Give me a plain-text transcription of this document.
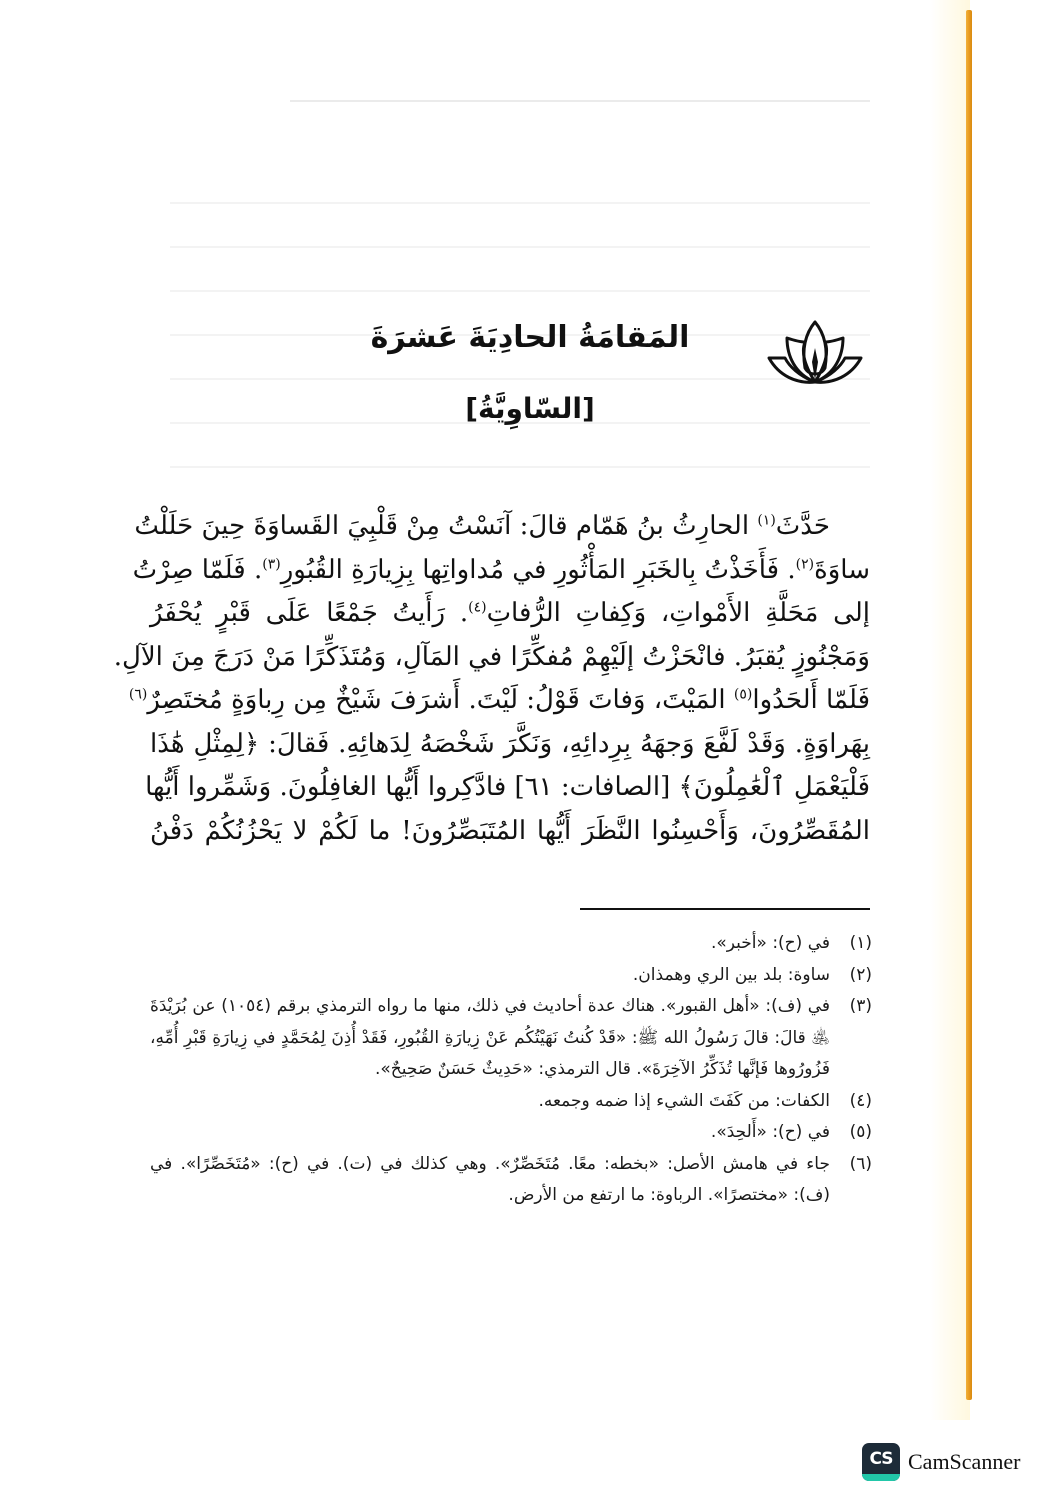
المَقامَةُ الحادِيَةَ عَشرَةَ
[السّاوِيَّةُ]
حَدَّثَ$^{(١)}$ الحارِثُ بنُ هَمّام قالَ: آنَسْتُ مِنْ قَلْبِيَ القَساوَةَ حِينَ حَلَلْتُ
ساوَةَ$^{(٢)}$. فَأَخَذْتُ بِالخَبَرِ المَأْثُورِ في مُداواتِها بِزِيارَةِ القُبُورِ$^{(٣)}$. فَلَمّا صِرْتُ
إلى مَحَلَّةِ الأَمْواتِ، وَكِفاتِ الرُّفاتِ$^{(٤)}$. رَأَيتُ جَمْعًا عَلَى قَبْرٍ يُحْفَرُ
وَمَجْنُوزٍ يُقبَرُ. فانْحَزْتُ إلَيْهِمْ مُفكِّرًا في المَآلِ، وَمُتَذَكِّرًا مَنْ دَرَجَ مِنَ الآلِ.
فَلَمّا أَلحَدُوا$^{(٥)}$ المَيْتَ، وَفاتَ قَوْلُ: لَيْتَ. أَشرَفَ شَيْخٌ مِن رِباوَةٍ مُختَصِرٌ$^{(٦)}$
بِهَراوَةٍ. وَقَدْ لَفَّعَ وَجهَهُ بِرِدائِهِ، وَنَكَّرَ شَخْصَهُ لِدَهائِهِ. فَقالَ: ﴿لِمِثْلِ هَٰذَا
فَلْيَعْمَلِ ٱلْعَٰمِلُونَ﴾ [الصافات: ٦١] فادَّكِروا أَيُّها الغافِلُونَ. وَشَمِّروا أَيُّها
المُقَصِّرُونَ، وَأَحْسِنُوا النَّظَرَ أَيُّها المُتَبَصِّرُونَ! ما لَكُمْ لا يَحْزُنُكُمْ دَفْنُ
(١)
في (ح): «أخبر».
(٢)
ساوة: بلد بين الري وهمذان.
(٣)
في (ف): «أهل القبور». هناك عدة أحاديث في ذلك، منها ما رواه الترمذي برقم (١٠٥٤) عن بُرَيْدَةَ ﵁ قالَ: قالَ رَسُولُ الله ﷺ: «قَدْ كُنتُ نَهَيْتُكُم عَنْ زِيارَةِ القُبُورِ، فَقَدْ أُذِنَ لِمُحَمَّدٍ في زِيارَةِ قَبْرِ أُمِّهِ، فَزُورُوها فَإنَّها تُذَكِّرُ الآخِرَةَ». قال الترمذي: «حَدِيثٌ حَسَنٌ صَحِيحٌ».
(٤)
الكفات: من كَفَتَ الشيء إذا ضمه وجمعه.
(٥)
في (ح): «أَلحِدَ».
(٦)
جاء في هامش الأصل: «بخطه: معًا. مُتَخَصِّرٌ». وهي كذلك في (ت). في (ح): «مُتَخَصِّرًا». في (ف): «مختصرًا». الرباوة: ما ارتفع من الأرض.
CS CamScanner
